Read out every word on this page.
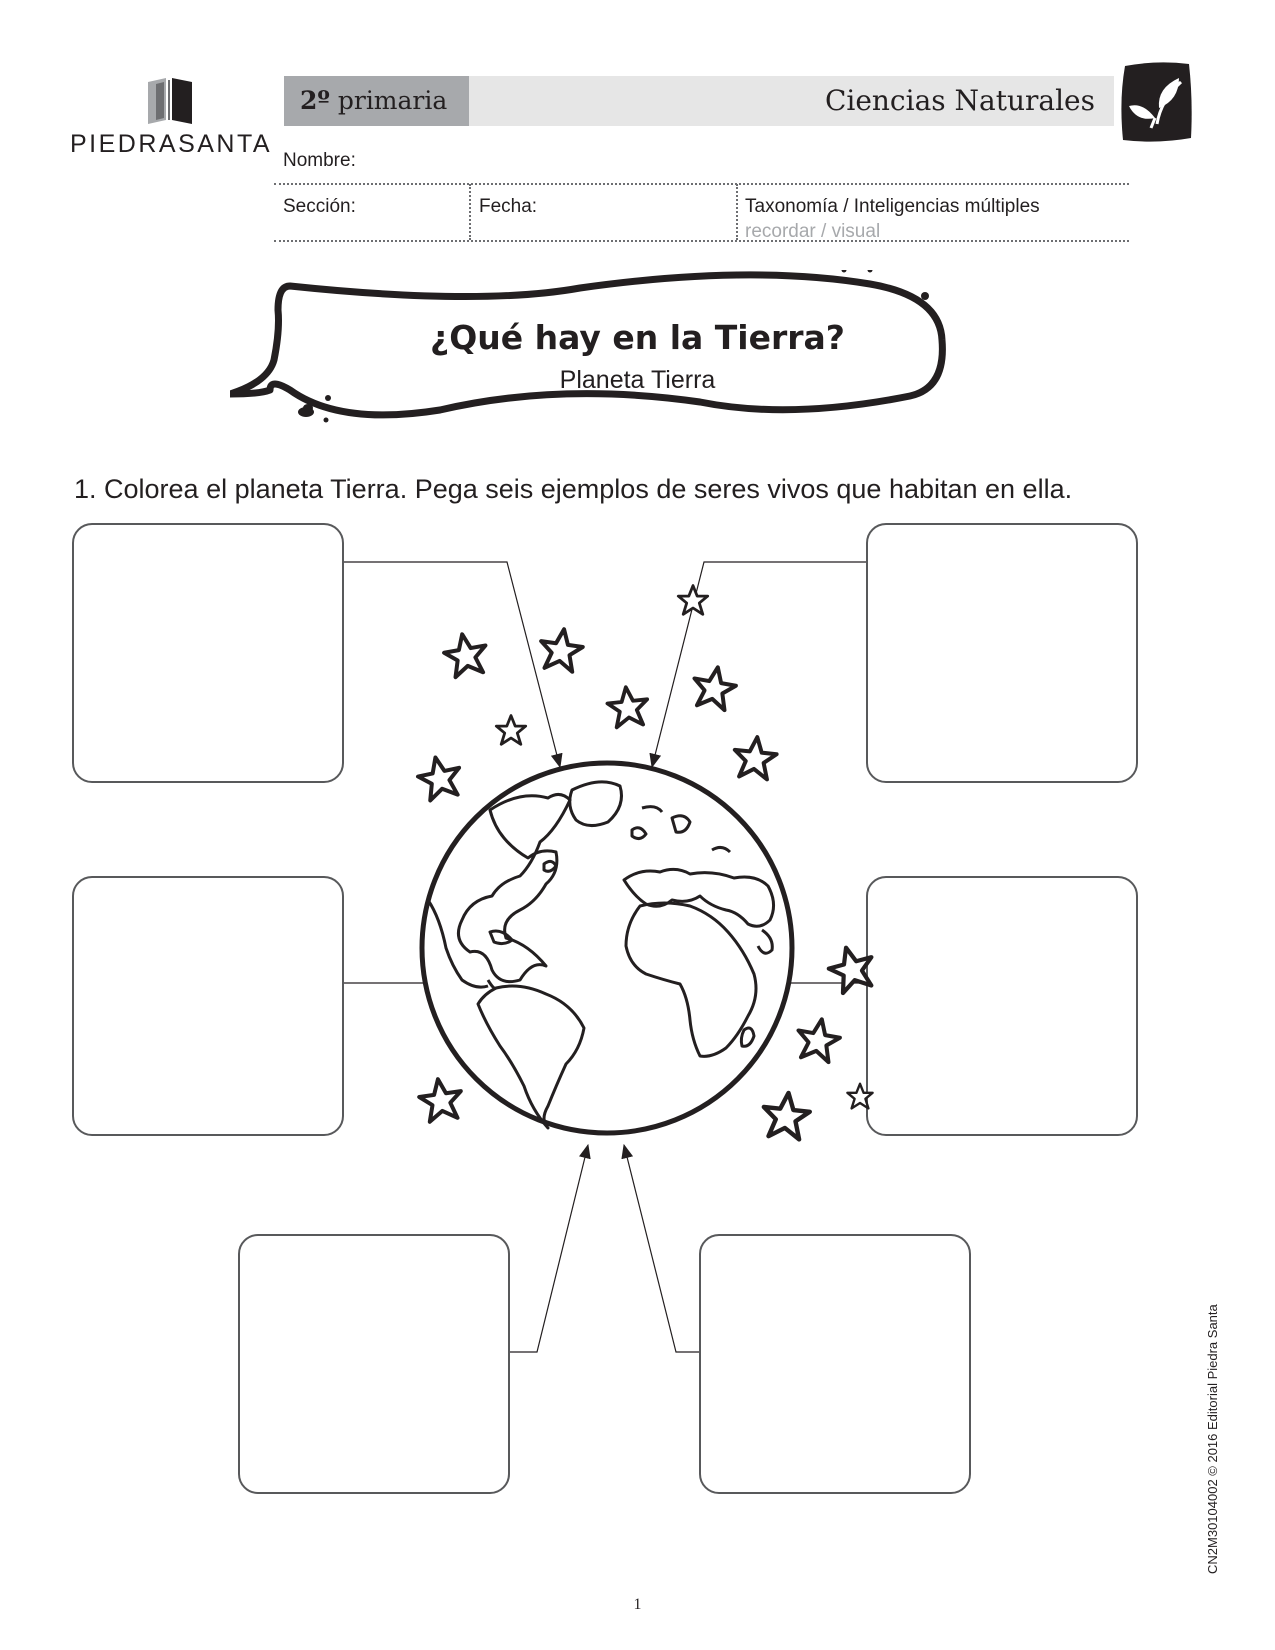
PIEDRASANTA
2º primaria	Ciencias Naturales
Nombre:
Sección:	Fecha:	Taxonomía / Inteligencias múltiples
recordar / visual
¿Qué hay en la Tierra?
Planeta Tierra
1. Colorea el planeta Tierra. Pega seis ejemplos de seres vivos que habitan en ella.
1
CN2M30104002 © 2016 Editorial Piedra Santa
